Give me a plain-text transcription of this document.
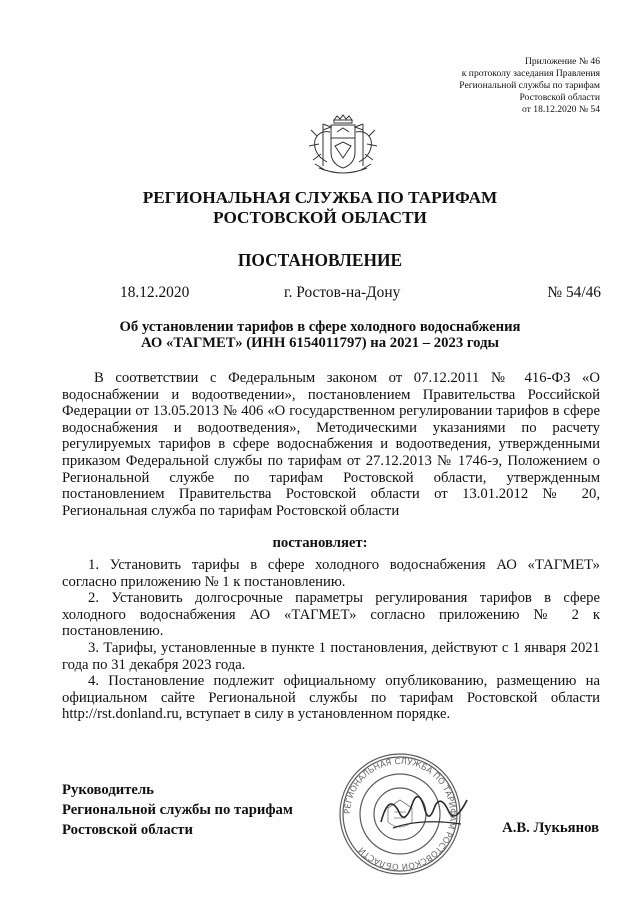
Приложение № 46
к протоколу заседания Правления
Региональной службы по тарифам
Ростовской области
от 18.12.2020 № 54
РЕГИОНАЛЬНАЯ СЛУЖБА ПО ТАРИФАМ
РОСТОВСКОЙ ОБЛАСТИ
ПОСТАНОВЛЕНИЕ
18.12.2020	г. Ростов-на-Дону	№ 54/46
Об установлении тарифов в сфере холодного водоснабжения
АО «ТАГМЕТ» (ИНН 6154011797) на 2021 – 2023 годы
В соответствии с Федеральным законом от 07.12.2011 № 416-ФЗ «О водоснабжении и водоотведении», постановлением Правительства Российской Федерации от 13.05.2013 № 406 «О государственном регулировании тарифов в сфере водоснабжения и водоотведения», Методическими указаниями по расчету регулируемых тарифов в сфере водоснабжения и водоотведения, утвержденными приказом Федеральной службы по тарифам от 27.12.2013 № 1746-э, Положением о Региональной службе по тарифам Ростовской области, утвержденным постановлением Правительства Ростовской области от 13.01.2012 № 20, Региональная служба по тарифам Ростовской области
постановляет:

1. Установить тарифы в сфере холодного водоснабжения АО «ТАГМЕТ» согласно приложению № 1 к постановлению.

2. Установить долгосрочные параметры регулирования тарифов в сфере холодного водоснабжения АО «ТАГМЕТ» согласно приложению № 2 к постановлению.

3. Тарифы, установленные в пункте 1 постановления, действуют с 1 января 2021 года по 31 декабря 2023 года.

4. Постановление подлежит официальному опубликованию, размещению на официальном сайте Региональной службы по тарифам Ростовской области http://rst.donland.ru, вступает в силу в установленном порядке.

РЕГИОНАЛЬНАЯ СЛУЖБА ПО ТАРИФАМ РОСТОВСКОЙ ОБЛАСТИ
Руководитель
Региональной службы по тарифам
Ростовской области	А.В. Лукьянов
